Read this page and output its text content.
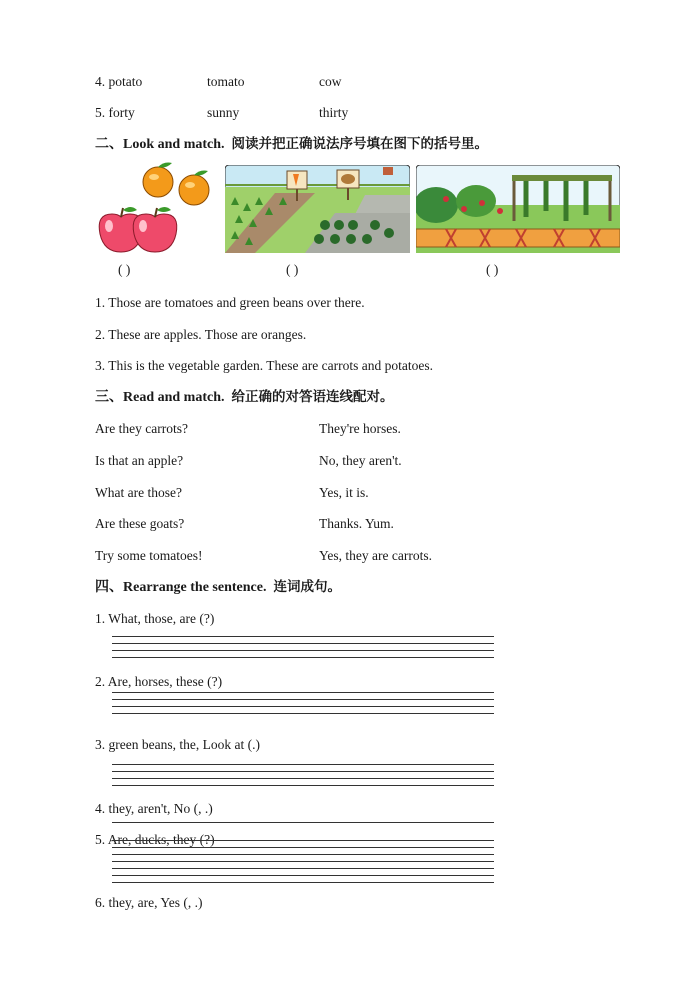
4. potato	tomato	cow
5. forty	sunny	thirty
二、Look and match. 阅读并把正确说法序号填在图下的括号里。
( )	( )	( )
1. Those are tomatoes and green beans over there.
2. These are apples. Those are oranges.
3. This is the vegetable garden. These are carrots and potatoes.
三、Read and match. 给正确的对答语连线配对。
Are they carrots?	They're horses.
Is that an apple?	No, they aren't.
What are those?	Yes, it is.
Are these goats?	Thanks. Yum.
Try some tomatoes!	Yes, they are carrots.
四、Rearrange the sentence. 连词成句。
1. What, those, are (?)
2. Are, horses, these (?)
3. green beans, the, Look at (.)
4. they, aren't, No (, .)
5. Are, ducks, they (?)
6. they, are, Yes (, .)
